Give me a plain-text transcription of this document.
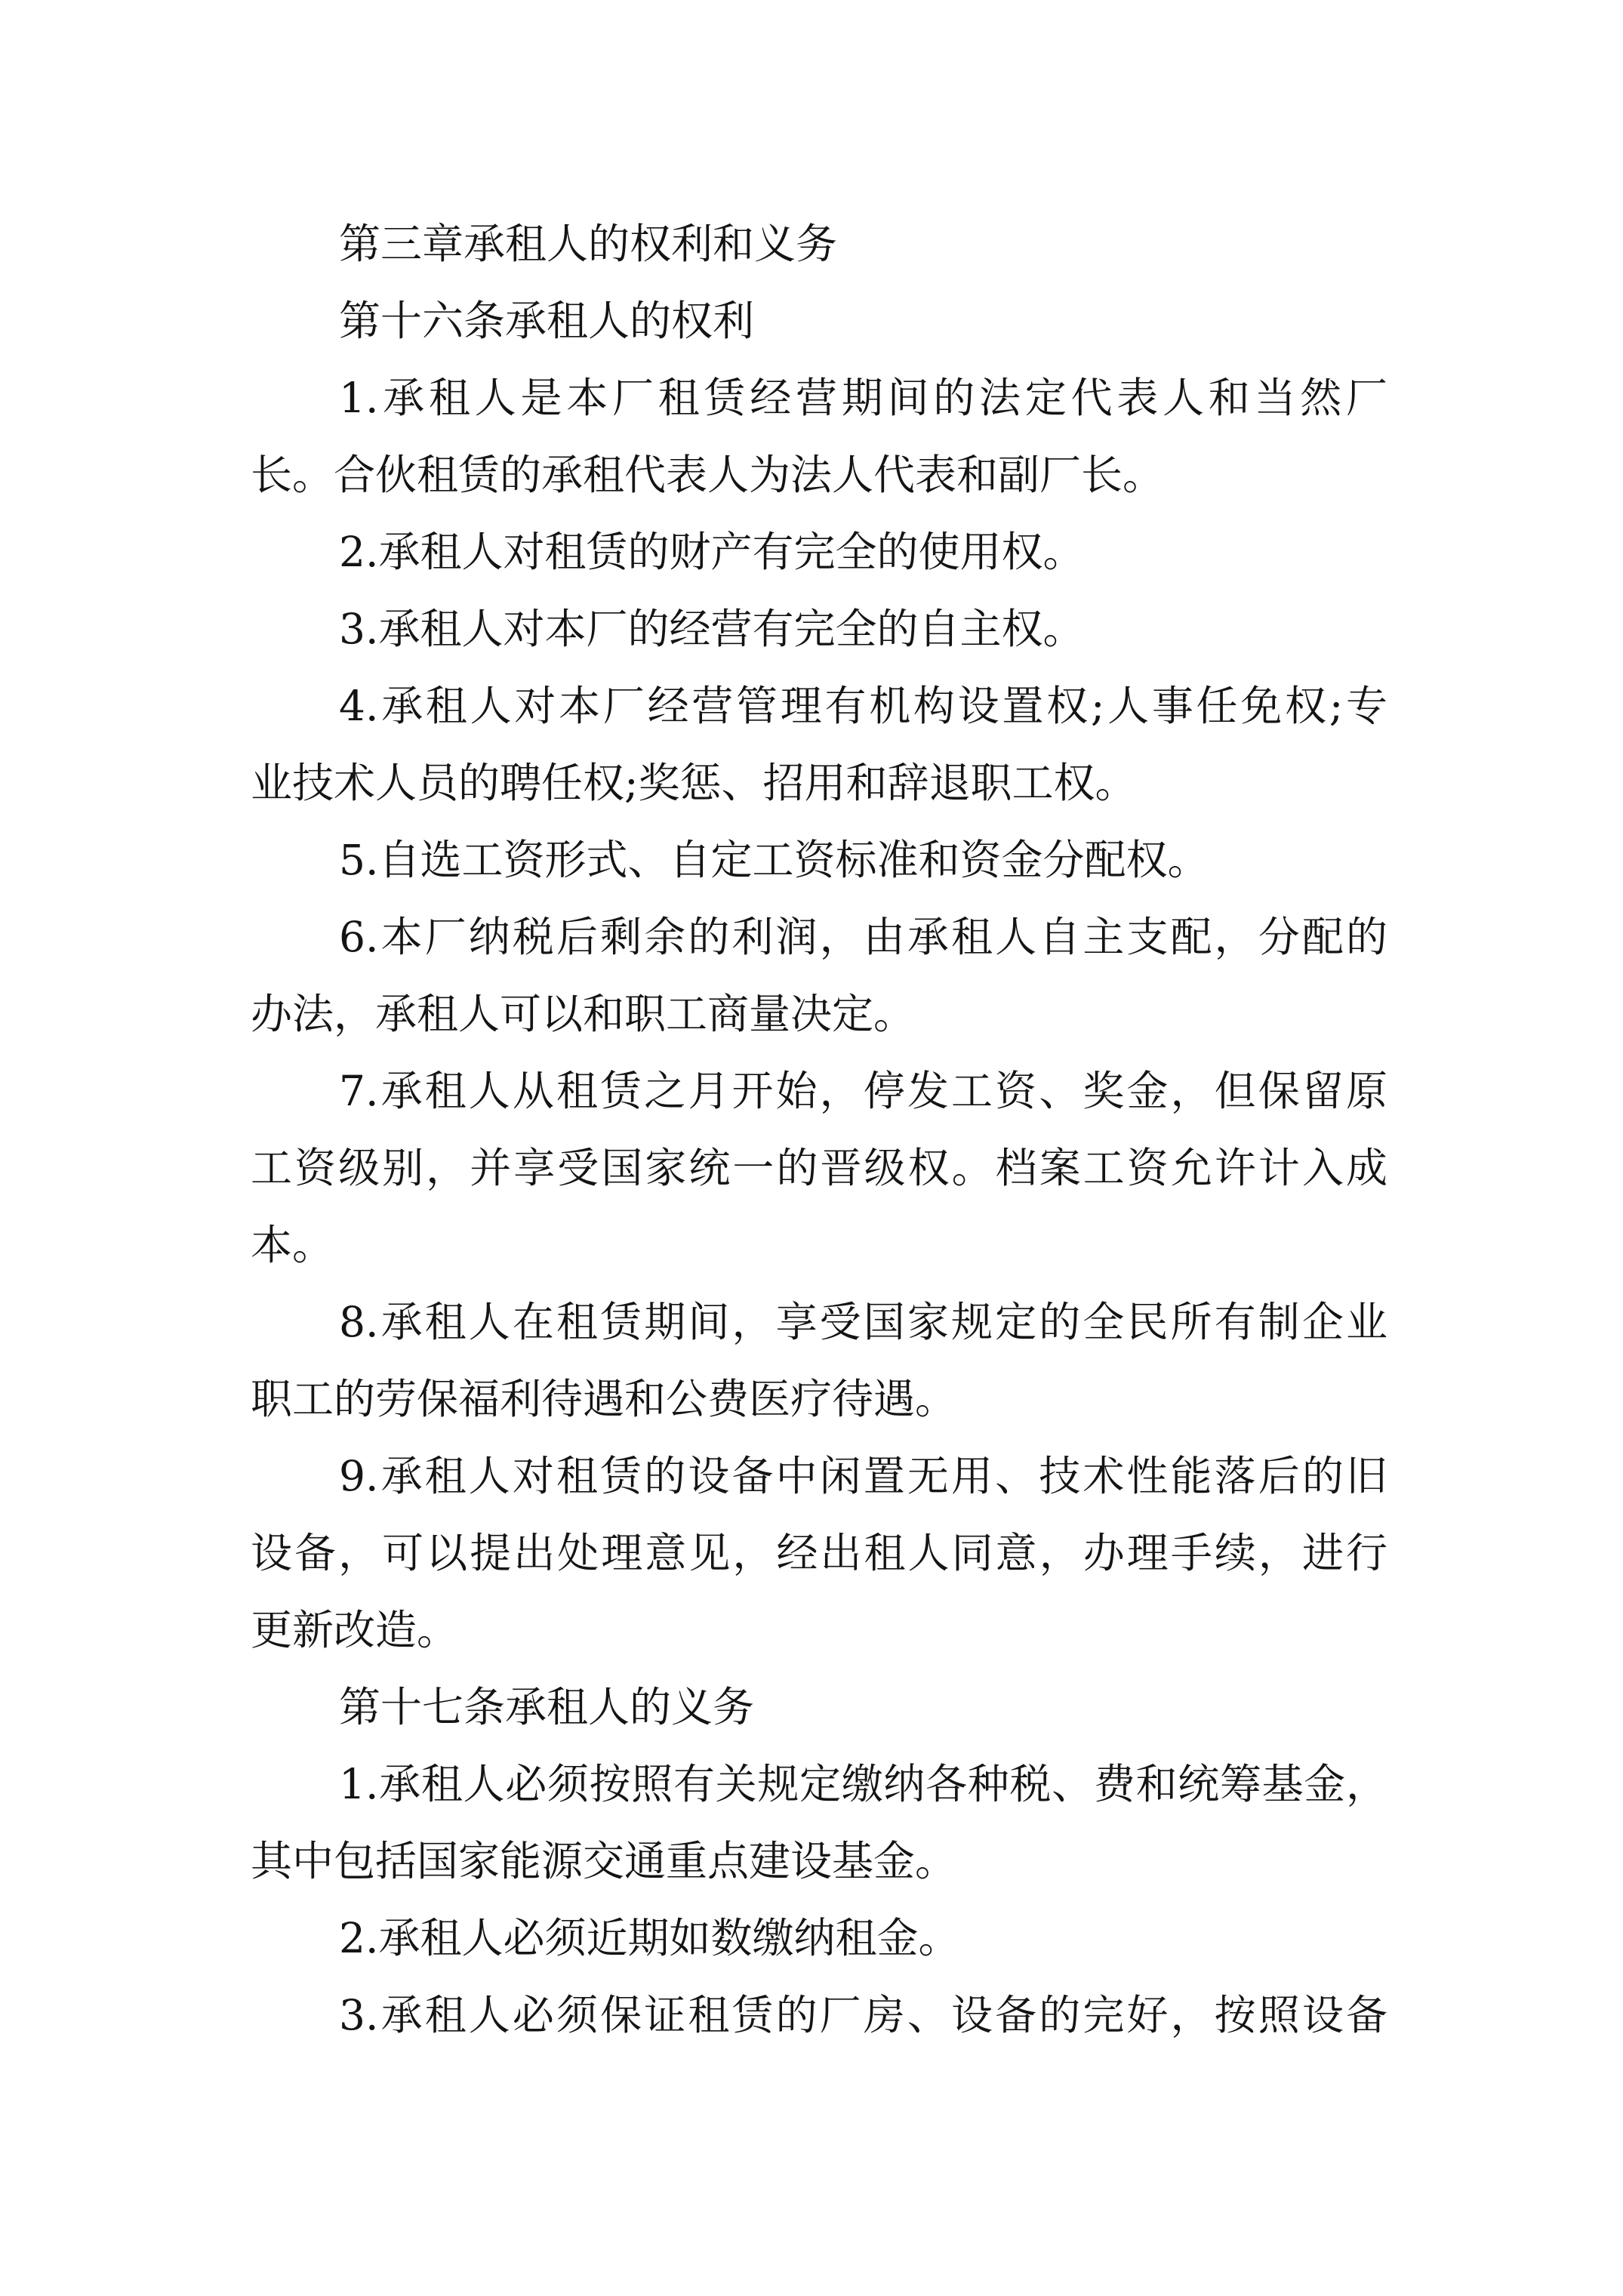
第三章承租人的权利和义务
第十六条承租人的权利
1.承租人是本厂租赁经营期间的法定代表人和当然厂
长。合伙租赁的承租代表人为法人代表和副厂长。
2.承租人对租赁的财产有完全的使用权。
3.承租人对本厂的经营有完全的自主权。
4.承租人对本厂经营管理有机构设置权;人事任免权;专
业技术人员的聘任权;奖惩、招用和辞退职工权。
5.自选工资形式、自定工资标准和资金分配权。
6.本厂纳税后剩余的利润，由承租人自主支配，分配的
办法，承租人可以和职工商量决定。
7.承租人从租赁之月开始，停发工资、奖金，但保留原
工资级别，并享受国家统一的晋级权。档案工资允许计入成
本。
8.承租人在租赁期间，享受国家规定的全民所有制企业
职工的劳保福利待遇和公费医疗待遇。
9.承租人对租赁的设备中闲置无用、技术性能落后的旧
设备，可以提出处理意见，经出租人同意，办理手续，进行
更新改造。
第十七条承租人的义务
1.承租人必须按照有关规定缴纳各种税、费和统筹基金，
其中包括国家能源交通重点建设基金。
2.承租人必须近期如数缴纳租金。
3.承租人必须保证租赁的厂房、设备的完好，按照设备
